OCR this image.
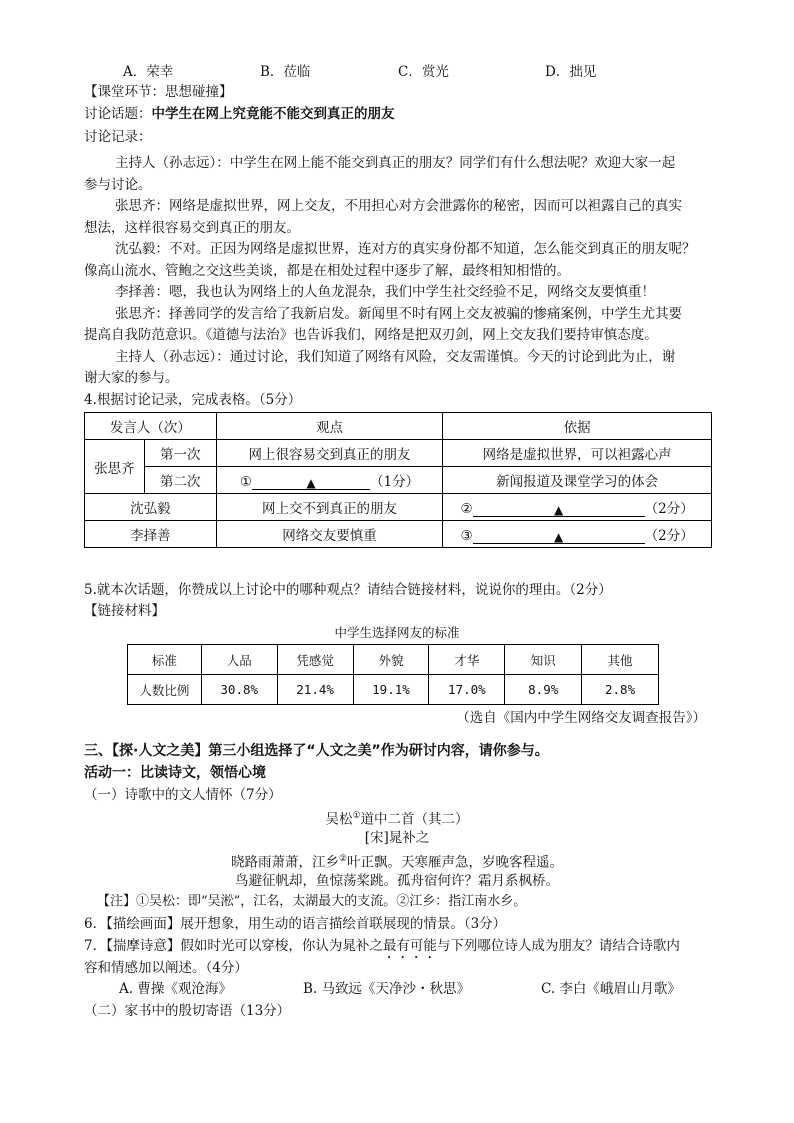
A．荣幸	B．莅临	C．赏光	D．拙见
【课堂环节：思想碰撞】
讨论话题：中学生在网上究竟能不能交到真正的朋友
讨论记录：
主持人（孙志远）：中学生在网上能不能交到真正的朋友？同学们有什么想法呢？欢迎大家一起
参与讨论。
张思齐：网络是虚拟世界，网上交友，不用担心对方会泄露你的秘密，因而可以袒露自己的真实
想法，这样很容易交到真正的朋友。
沈弘毅：不对。正因为网络是虚拟世界，连对方的真实身份都不知道，怎么能交到真正的朋友呢？
像高山流水、管鲍之交这些美谈，都是在相处过程中逐步了解，最终相知相惜的。
李择善：嗯，我也认为网络上的人鱼龙混杂，我们中学生社交经验不足，网络交友要慎重！
张思齐：择善同学的发言给了我新启发。新闻里不时有网上交友被骗的惨痛案例，中学生尤其要
提高自我防范意识。《道德与法治》也告诉我们，网络是把双刃剑，网上交友我们要持审慎态度。
主持人（孙志远）：通过讨论，我们知道了网络有风险，交友需谨慎。今天的讨论到此为止，谢
谢大家的参与。
4.根据讨论记录，完成表格。（5分）
发言人（次）		观点	依据
张思齐	第一次	网上很容易交到真正的朋友	网络是虚拟世界，可以袒露心声
	第二次	① ▲ （1分）	新闻报道及课堂学习的体会
沈弘毅		网上交不到真正的朋友	② ▲ （2分）
李择善		网络交友要慎重	③ ▲ （2分）
5.就本次话题，你赞成以上讨论中的哪种观点？请结合链接材料，说说你的理由。（2分）
【链接材料】
中学生选择网友的标准
标准	人品	凭感觉	外貌	才华	知识	其他
人数比例	30.8%	21.4%	19.1%	17.0%	8.9%	2.8%
（选自《国内中学生网络交友调查报告》）
三、【探·人文之美】第三小组选择了“人文之美”作为研讨内容，请你参与。
活动一：比读诗文，领悟心境
（一）诗歌中的文人情怀（7分）
吴松①道中二首（其二）
[宋]晁补之
晓路雨萧萧，江乡②叶正飘。天寒雁声急，岁晚客程遥。
鸟避征帆却，鱼惊荡桨跳。孤舟宿何许？霜月系枫桥。
【注】①吴松：即“吴淞”，江名，太湖最大的支流。②江乡：指江南水乡。
6．【描绘画面】展开想象，用生动的语言描绘首联展现的情景。（3分）
7．【揣摩诗意】假如时光可以穿梭，你认为晁补之最有可能与下列哪位诗人成为朋友？请结合诗歌内
容和情感加以阐述。（4分）
A. 曹操《观沧海》	B. 马致远《天净沙・秋思》	C. 李白《峨眉山月歌》
（二）家书中的殷切寄语（13分）
